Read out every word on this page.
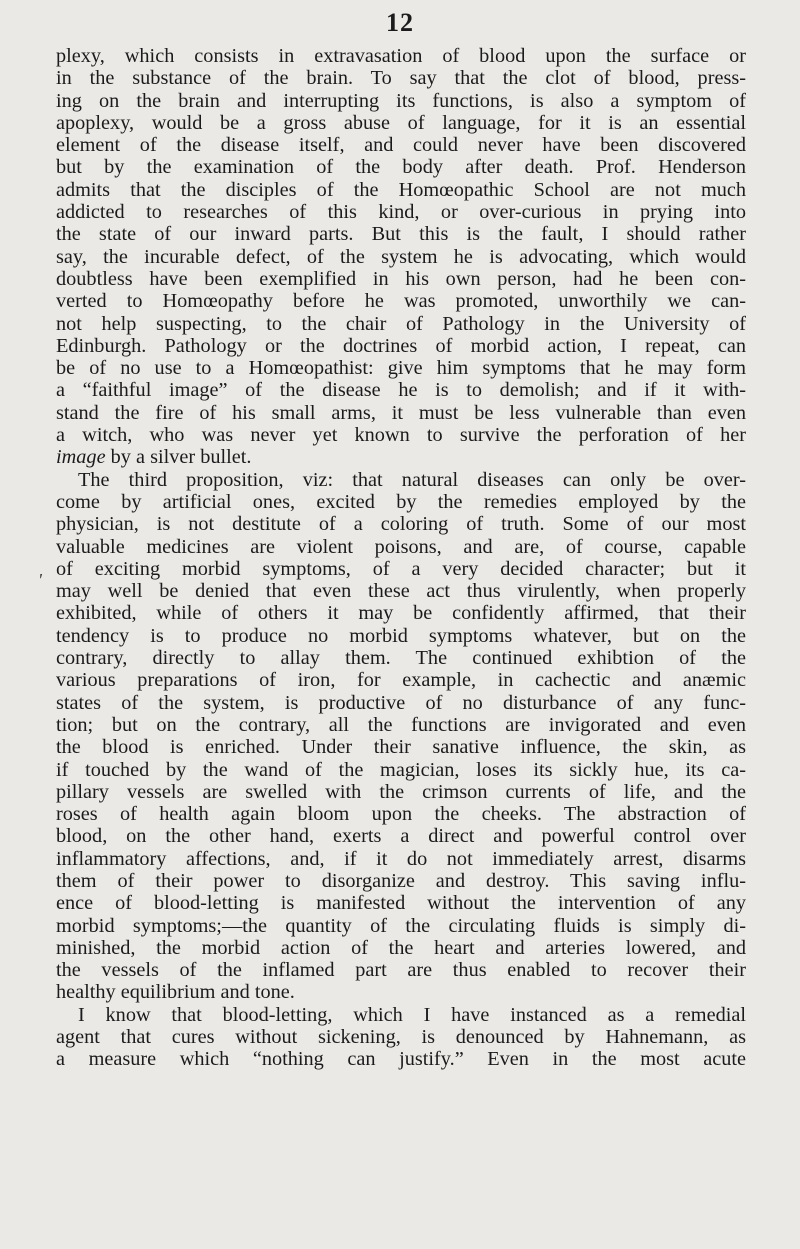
12
'
plexy, which consists in extravasation of blood upon the surface or
in the substance of the brain. To say that the clot of blood, press-
ing on the brain and interrupting its functions, is also a symptom of
apoplexy, would be a gross abuse of language, for it is an essential
element of the disease itself, and could never have been discovered
but by the examination of the body after death. Prof. Henderson
admits that the disciples of the Homœopathic School are not much
addicted to researches of this kind, or over-curious in prying into
the state of our inward parts. But this is the fault, I should rather
say, the incurable defect, of the system he is advocating, which would
doubtless have been exemplified in his own person, had he been con-
verted to Homœopathy before he was promoted, unworthily we can-
not help suspecting, to the chair of Pathology in the University of
Edinburgh. Pathology or the doctrines of morbid action, I repeat, can
be of no use to a Homœopathist: give him symptoms that he may form
a “faithful image” of the disease he is to demolish; and if it with-
stand the fire of his small arms, it must be less vulnerable than even
a witch, who was never yet known to survive the perforation of her
image by a silver bullet.
The third proposition, viz: that natural diseases can only be over-
come by artificial ones, excited by the remedies employed by the
physician, is not destitute of a coloring of truth. Some of our most
valuable medicines are violent poisons, and are, of course, capable
of exciting morbid symptoms, of a very decided character; but it
may well be denied that even these act thus virulently, when properly
exhibited, while of others it may be confidently affirmed, that their
tendency is to produce no morbid symptoms whatever, but on the
contrary, directly to allay them. The continued exhibtion of the
various preparations of iron, for example, in cachectic and anæmic
states of the system, is productive of no disturbance of any func-
tion; but on the contrary, all the functions are invigorated and even
the blood is enriched. Under their sanative influence, the skin, as
if touched by the wand of the magician, loses its sickly hue, its ca-
pillary vessels are swelled with the crimson currents of life, and the
roses of health again bloom upon the cheeks. The abstraction of
blood, on the other hand, exerts a direct and powerful control over
inflammatory affections, and, if it do not immediately arrest, disarms
them of their power to disorganize and destroy. This saving influ-
ence of blood-letting is manifested without the intervention of any
morbid symptoms;—the quantity of the circulating fluids is simply di-
minished, the morbid action of the heart and arteries lowered, and
the vessels of the inflamed part are thus enabled to recover their
healthy equilibrium and tone.
I know that blood-letting, which I have instanced as a remedial
agent that cures without sickening, is denounced by Hahnemann, as
a measure which “nothing can justify.” Even in the most acute
